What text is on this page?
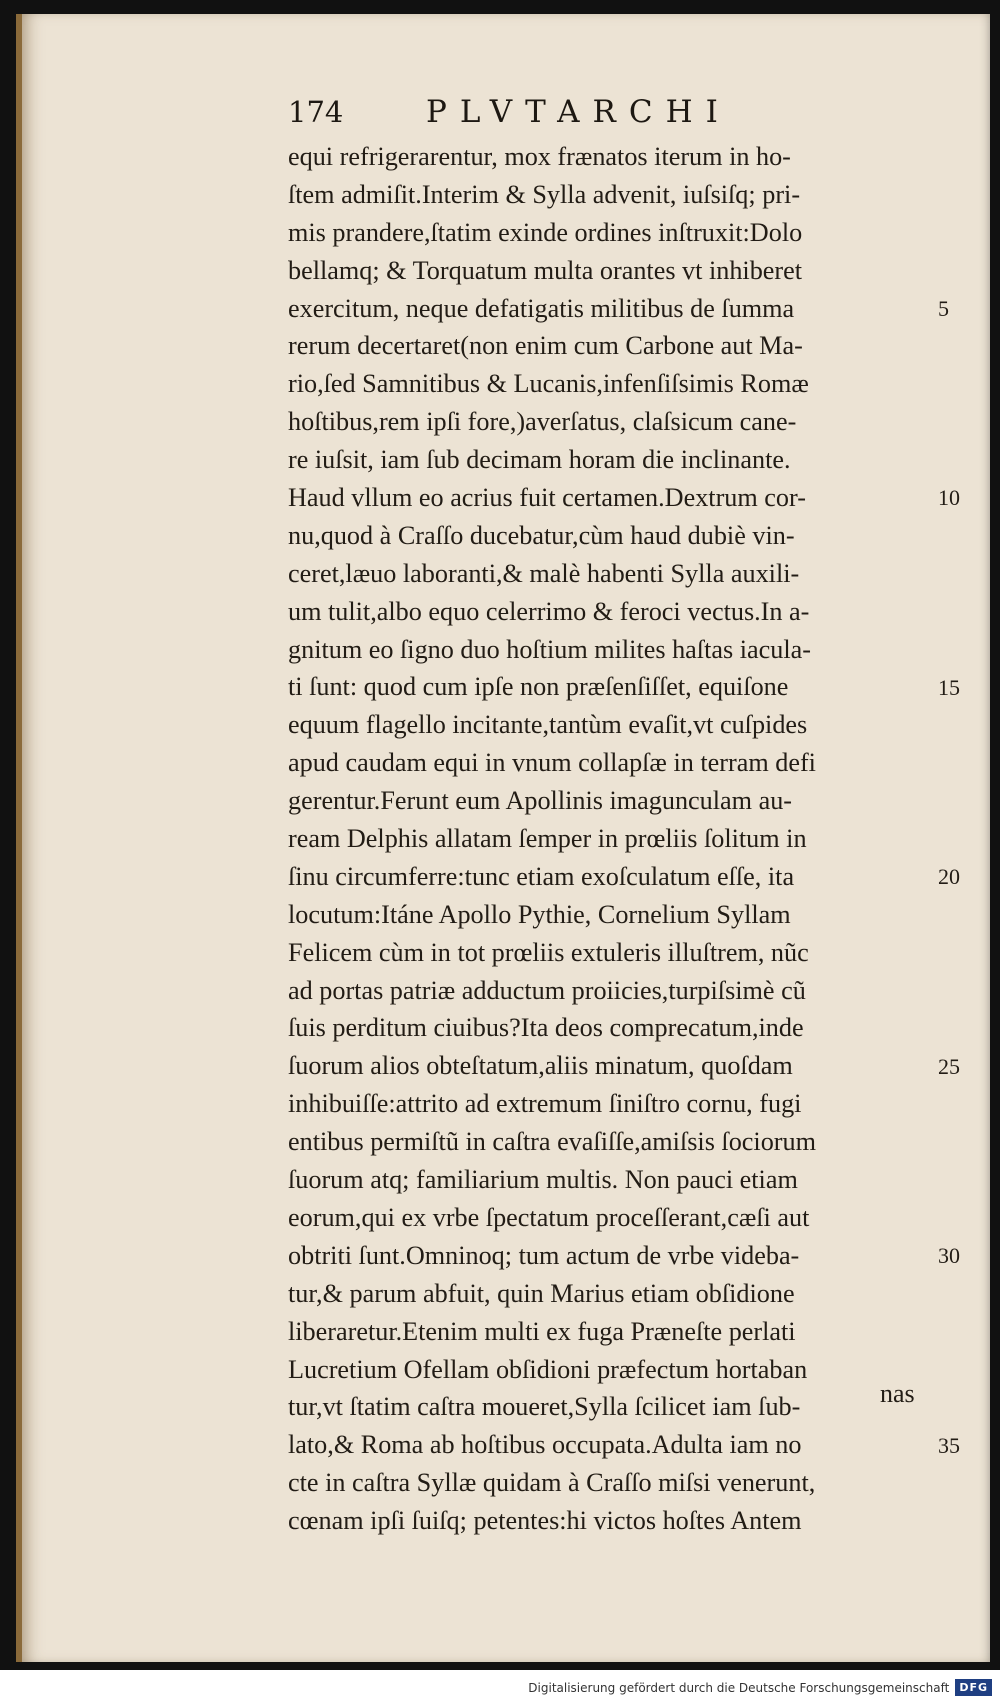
174	PLVTARCHI
equi refrigerarentur, mox frænatos iterum in ho-
ſtem admiſit.Interim & Sylla advenit, iuſsiſq; pri-
mis prandere,ſtatim exinde ordines inſtruxit:Dolo
bellamq; & Torquatum multa orantes vt inhiberet
exercitum, neque defatigatis militibus de ſumma
rerum decertaret(non enim cum Carbone aut Ma-
rio,ſed Samnitibus & Lucanis,infenſiſsimis Romæ
hoſtibus,rem ipſi fore,)averſatus, claſsicum cane-
re iuſsit, iam ſub decimam horam die inclinante.
Haud vllum eo acrius fuit certamen.Dextrum cor-
nu,quod à Craſſo ducebatur,cùm haud dubiè vin-
ceret,læuo laboranti,& malè habenti Sylla auxili-
um tulit,albo equo celerrimo & feroci vectus.In a-
gnitum eo ſigno duo hoſtium milites haſtas iacula-
ti ſunt: quod cum ipſe non præſenſiſſet, equiſone
equum flagello incitante,tantùm evaſit,vt cuſpides
apud caudam equi in vnum collapſæ in terram defi
gerentur.Ferunt eum Apollinis imagunculam au-
ream Delphis allatam ſemper in prœliis ſolitum in
ſinu circumferre:tunc etiam exoſculatum eſſe, ita
locutum:Itáne Apollo Pythie, Cornelium Syllam
Felicem cùm in tot prœliis extuleris illuſtrem, nũc
ad portas patriæ adductum proiicies,turpiſsimè cũ
ſuis perditum ciuibus?Ita deos comprecatum,inde
ſuorum alios obteſtatum,aliis minatum, quoſdam
inhibuiſſe:attrito ad extremum ſiniſtro cornu, fugi
entibus permiſtũ in caſtra evaſiſſe,amiſsis ſociorum
ſuorum atq; familiarium multis. Non pauci etiam
eorum,qui ex vrbe ſpectatum proceſſerant,cæſi aut
obtriti ſunt.Omninoq; tum actum de vrbe videba-
tur,& parum abfuit, quin Marius etiam obſidione
liberaretur.Etenim multi ex fuga Præneſte perlati
Lucretium Ofellam obſidioni præfectum hortaban
tur,vt ſtatim caſtra moueret,Sylla ſcilicet iam ſub-
lato,& Roma ab hoſtibus occupata.Adulta iam no
cte in caſtra Syllæ quidam à Craſſo miſsi venerunt,
cœnam ipſi ſuiſq; petentes:hi victos hoſtes Antem
nas
5
10
15
20
25
30
35
Digitalisierung gefördert durch die Deutsche Forschungsgemeinschaft DFG
